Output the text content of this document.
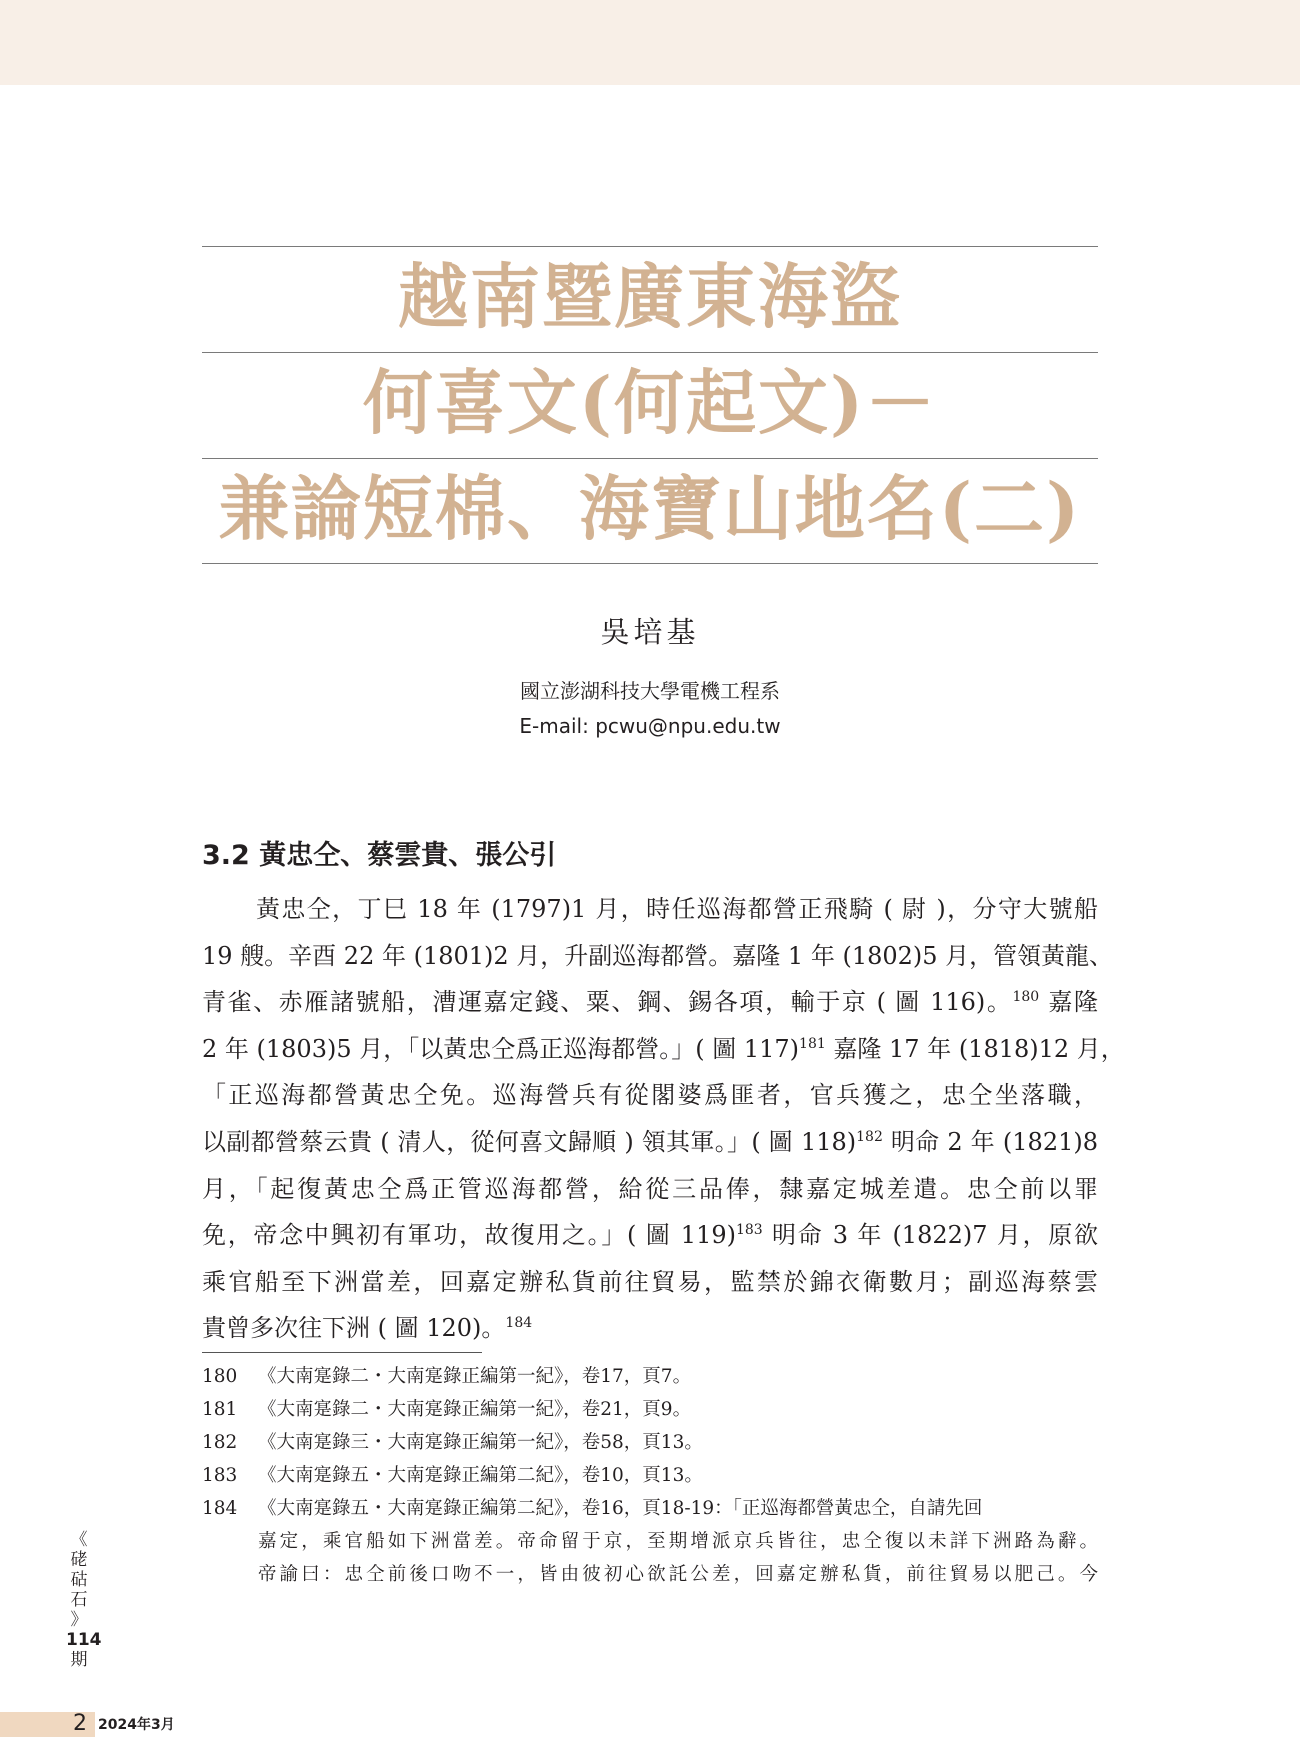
越南暨廣東海盜
何喜文(何起文)－
兼論短棉、海寶山地名(二)
吳培基
國立澎湖科技大學電機工程系
E-mail: pcwu@npu.edu.tw
3.2 黃忠仝、蔡雲貴、張公引
黃忠仝，丁巳 18 年 (1797)1 月，時任巡海都營正飛騎 ( 尉 )，分守大號船
19 艘。辛酉 22 年 (1801)2 月，升副巡海都營。嘉隆 1 年 (1802)5 月，管領黃龍、
青雀、赤雁諸號船，漕運嘉定錢、粟、鋼、錫各項，輸于京 ( 圖 116)。$^{180}$ 嘉隆
2 年 (1803)5 月，「以黃忠仝爲正巡海都營。」( 圖 117)$^{181}$ 嘉隆 17 年 (1818)12 月，
「正巡海都營黃忠仝免。巡海營兵有從閣婆爲匪者，官兵獲之，忠仝坐落職，
以副都營蔡云貴 ( 清人，從何喜文歸順 ) 領其軍。」( 圖 118)$^{182}$ 明命 2 年 (1821)8
月，「起復黃忠仝爲正管巡海都營，給從三品俸，隸嘉定城差遣。忠仝前以罪
免，帝念中興初有軍功，故復用之。」( 圖 119)$^{183}$ 明命 3 年 (1822)7 月，原欲
乘官船至下洲當差，回嘉定辦私貨前往貿易，監禁於錦衣衛數月；副巡海蔡雲
貴曾多次往下洲 ( 圖 120)。$^{184}$
180	《大南寔錄二・大南寔錄正編第一紀》，卷17，頁7。
181	《大南寔錄二・大南寔錄正編第一紀》，卷21，頁9。
182	《大南寔錄三・大南寔錄正編第一紀》，卷58，頁13。
183	《大南寔錄五・大南寔錄正編第二紀》，卷10，頁13。
184	《大南寔錄五・大南寔錄正編第二紀》，卷16，頁18-19：「正巡海都營黃忠仝，自請先回
嘉定，乘官船如下洲當差。帝命留于京，至期增派京兵皆往，忠仝復以未詳下洲路為辭。
帝諭曰：忠仝前後口吻不一，皆由彼初心欲託公差，回嘉定辦私貨，前往貿易以肥己。今
《
硓
𥑮
石
》
114
期
2 2024年3月
